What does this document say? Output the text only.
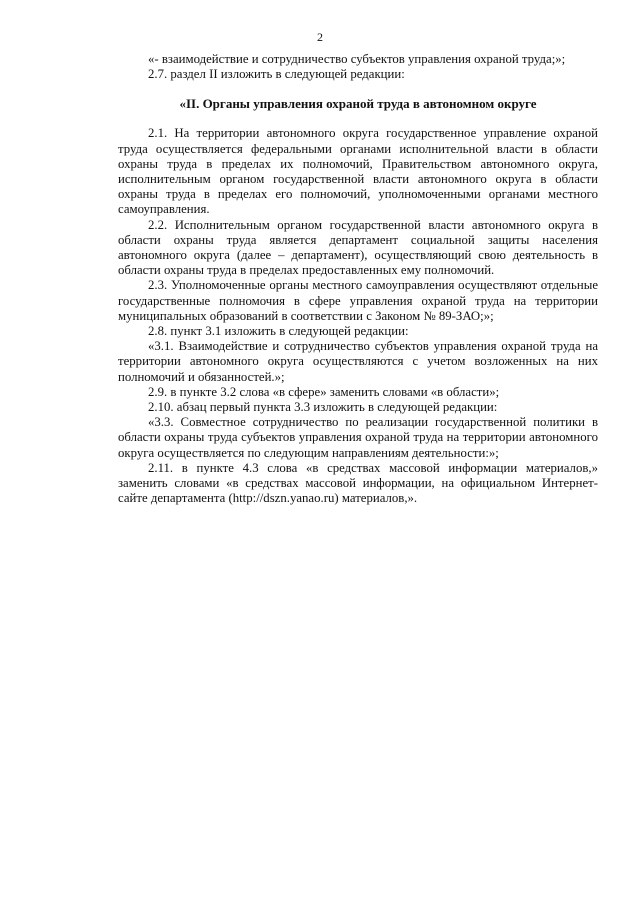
2

«- взаимодействие и сотрудничество субъектов управления охраной труда;»;

2.7. раздел II изложить в следующей редакции:

«II. Органы управления охраной труда в автономном округе

2.1. На территории автономного округа государственное управление охраной труда осуществляется федеральными органами исполнительной власти в области охраны труда в пределах их полномочий, Правительством автономного округа, исполнительным органом государственной власти автономного округа в области охраны труда в пределах его полномочий, уполномоченными органами местного самоуправления.

2.2. Исполнительным органом государственной власти автономного округа в области охраны труда является департамент социальной защиты населения автономного округа (далее – департамент), осуществляющий свою деятельность в области охраны труда в пределах предоставленных ему полномочий.

2.3. Уполномоченные органы местного самоуправления осуществляют отдельные государственные полномочия в сфере управления охраной труда на территории муниципальных образований в соответствии с Законом № 89-ЗАО;»;

2.8. пункт 3.1 изложить в следующей редакции:

«3.1. Взаимодействие и сотрудничество субъектов управления охраной труда на территории автономного округа осуществляются с учетом возложенных на них полномочий и обязанностей.»;

2.9. в пункте 3.2 слова «в сфере» заменить словами «в области»;

2.10. абзац первый пункта 3.3 изложить в следующей редакции:

«3.3. Совместное сотрудничество по реализации государственной политики в области охраны труда субъектов управления охраной труда на территории автономного округа осуществляется по следующим направлениям деятельности:»;

2.11. в пункте 4.3 слова «в средствах массовой информации материалов,» заменить словами «в средствах массовой информации, на официальном Интернет-сайте департамента (http://dszn.yanao.ru) материалов,».
